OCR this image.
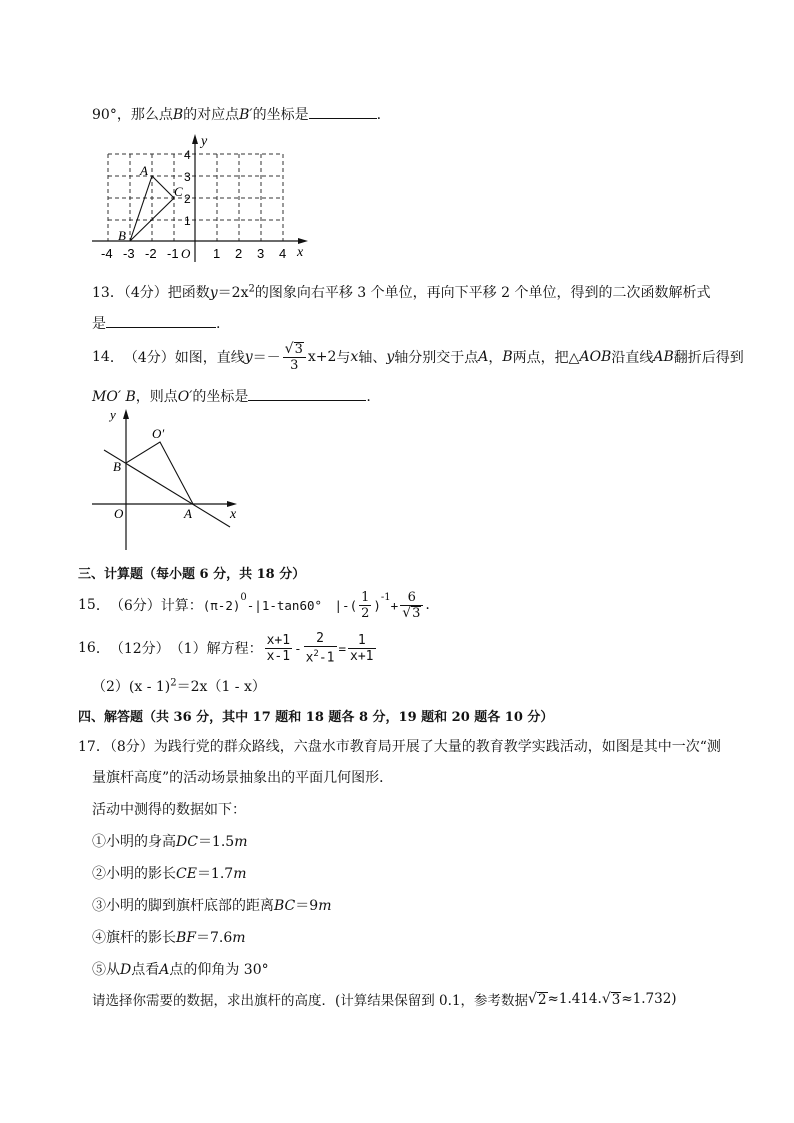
90°，那么点B的对应点B′的坐标是	.
y
x
O
-4 -3 -2 -1	1 2 3 4
1
2
3
4
A
B
C
13．（4分）把函数$y=2x^2$的图象向右平移 3 个单位，再向下平移 2 个单位，得到的二次函数解析式
是	.
14 ． （4分） 如图，直线 $y =- \frac{√3}{3} x+2$ 与 x 轴、 y 轴分别交于点 A ， B 两点，把△ AOB 沿直线 AB 翻折后得到
MO′ B，则点O′的坐标是	.
y
x
O	A
B
O′
三、计算题（每小题 6 分，共 18 分）
15 ． （6分） 计算： $(\pi-2)^0$
-|1-tan60°　|-( $\frac{1}{2} )^{-1} + \frac{6}{√3}$ .
16 ． （12分） （1）解方程： $\frac{x+1}{x-1} - \frac{2}{x^2-1} = \frac{1}{x+1}$
（2）(x - 1)$^2$＝2x（1 - x）
四、解答题（共 36 分，其中 17 题和 18 题各 8 分，19 题和 20 题各 10 分）
17．（8分）为践行党的群众路线，六盘水市教育局开展了大量的教育教学实践活动，如图是其中一次“测
量旗杆高度”的活动场景抽象出的平面几何图形．
活动中测得的数据如下：
①小明的身高DC＝1.5m
②小明的影长CE＝1.7m
③小明的脚到旗杆底部的距离BC＝9m
④旗杆的影长BF＝7.6m
⑤从D点看A点的仰角为 30°
请选择你需要的数据，求出旗杆的高度．(计算结果保留到 0.1，参考数据 √ 2 ≈1.414. √ 3 ≈1.732)
